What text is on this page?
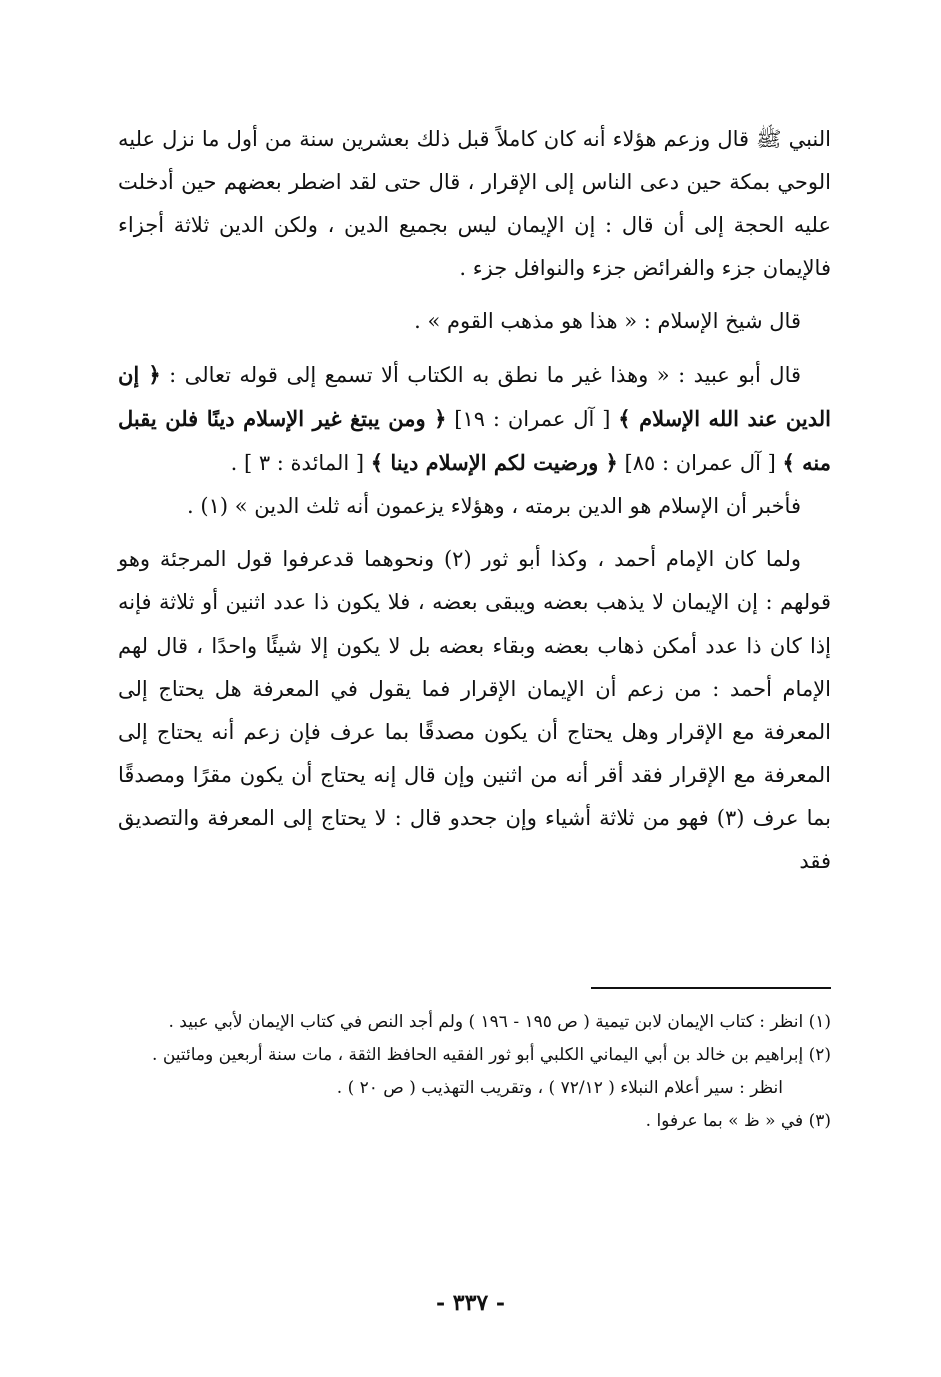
النبي ﷺ قال وزعم هؤلاء أنه كان كاملاً قبل ذلك بعشرين سنة من أول ما نزل عليه الوحي بمكة حين دعى الناس إلى الإقرار ، قال حتى لقد اضطر بعضهم حين أدخلت عليه الحجة إلى أن قال : إن الإيمان ليس بجميع الدين ، ولكن الدين ثلاثة أجزاء فالإيمان جزء والفرائض جزء والنوافل جزء .

قال شيخ الإسلام : « هذا هو مذهب القوم » .

قال أبو عبيد : « وهذا غير ما نطق به الكتاب ألا تسمع إلى قوله تعالى : ﴿ إن الدين عند الله الإسلام ﴾ [ آل عمران : ١٩] ﴿ ومن يبتغ غير الإسلام دينًا فلن يقبل منه ﴾ [ آل عمران : ٨٥] ﴿ ورضيت لكم الإسلام دينا ﴾ [ المائدة : ٣ ] .

فأخبر أن الإسلام هو الدين برمته ، وهؤلاء يزعمون أنه ثلث الدين » (١) .

ولما كان الإمام أحمد ، وكذا أبو ثور (٢) ونحوهما قدعرفوا قول المرجئة وهو قولهم : إن الإيمان لا يذهب بعضه ويبقى بعضه ، فلا يكون ذا عدد اثنين أو ثلاثة فإنه إذا كان ذا عدد أمكن ذهاب بعضه وبقاء بعضه بل لا يكون إلا شيئًا واحدًا ، قال لهم الإمام أحمد : من زعم أن الإيمان الإقرار فما يقول في المعرفة هل يحتاج إلى المعرفة مع الإقرار وهل يحتاج أن يكون مصدقًا بما عرف فإن زعم أنه يحتاج إلى المعرفة مع الإقرار فقد أقر أنه من اثنين وإن قال إنه يحتاج أن يكون مقرًا ومصدقًا بما عرف (٣) فهو من ثلاثة أشياء وإن جحدو قال : لا يحتاج إلى المعرفة والتصديق فقد

(١) انظر : كتاب الإيمان لابن تيمية ( ص ١٩٥ - ١٩٦ ) ولم أجد النص في كتاب الإيمان لأبي عبيد .

(٢) إبراهيم بن خالد بن أبي اليماني الكلبي أبو ثور الفقيه الحافظ الثقة ، مات سنة أربعين ومائتين .

انظر : سير أعلام النبلاء ( ٧٢/١٢ ) ، وتقريب التهذيب ( ص ٢٠ ) .

(٣) في « ظ » بما عرفوا .

- ٣٣٧ -
